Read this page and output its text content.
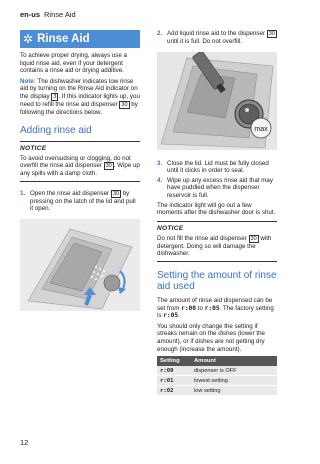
en-us Rinse Aid
✲ Rinse Aid

To achieve proper drying, always use a liquid rinse aid, even if your detergent contains a rinse aid or drying additive.

Note: The dishwasher indicates low rinse aid by turning on the Rinse Aid indicator on the display 3 . If this indicator lights up, you need to refill the rinse aid dispenser 30 by following the directions below.

Adding rinse aid
NOTICE

To avoid oversudsing or clogging, do not overfill the rinse aid dispenser 30 . Wipe up any spills with a damp cloth.

1. Open the rinse aid dispenser 30 by pressing on the latch of the lid and pull it open.
2. Add liquid rinse aid to the dispenser 30 until it is full. Do not overfill.
max
3. Close the lid. Lid must be fully closed until it clicks in order to seal.
4. Wipe up any excess rinse aid that may have puddled when the dispenser reservoir is full.

The indicator light will go out a few moments after the dishwasher door is shut.

NOTICE

Do not fill the rinse aid dispenser 30 with detergent. Doing so will damage the dishwasher.

Setting the amount of rinse aid used

The amount of rinse aid dispensed can be set from r:00 to r:05. The factory setting is r:05.

You should only change the setting if streaks remain on the dishes (lower the amount), or if dishes are not getting dry enough (increase the amount).

Setting	Amount
r:00	dispenser is OFF
r:01	lowest setting
r:02	low setting
12
